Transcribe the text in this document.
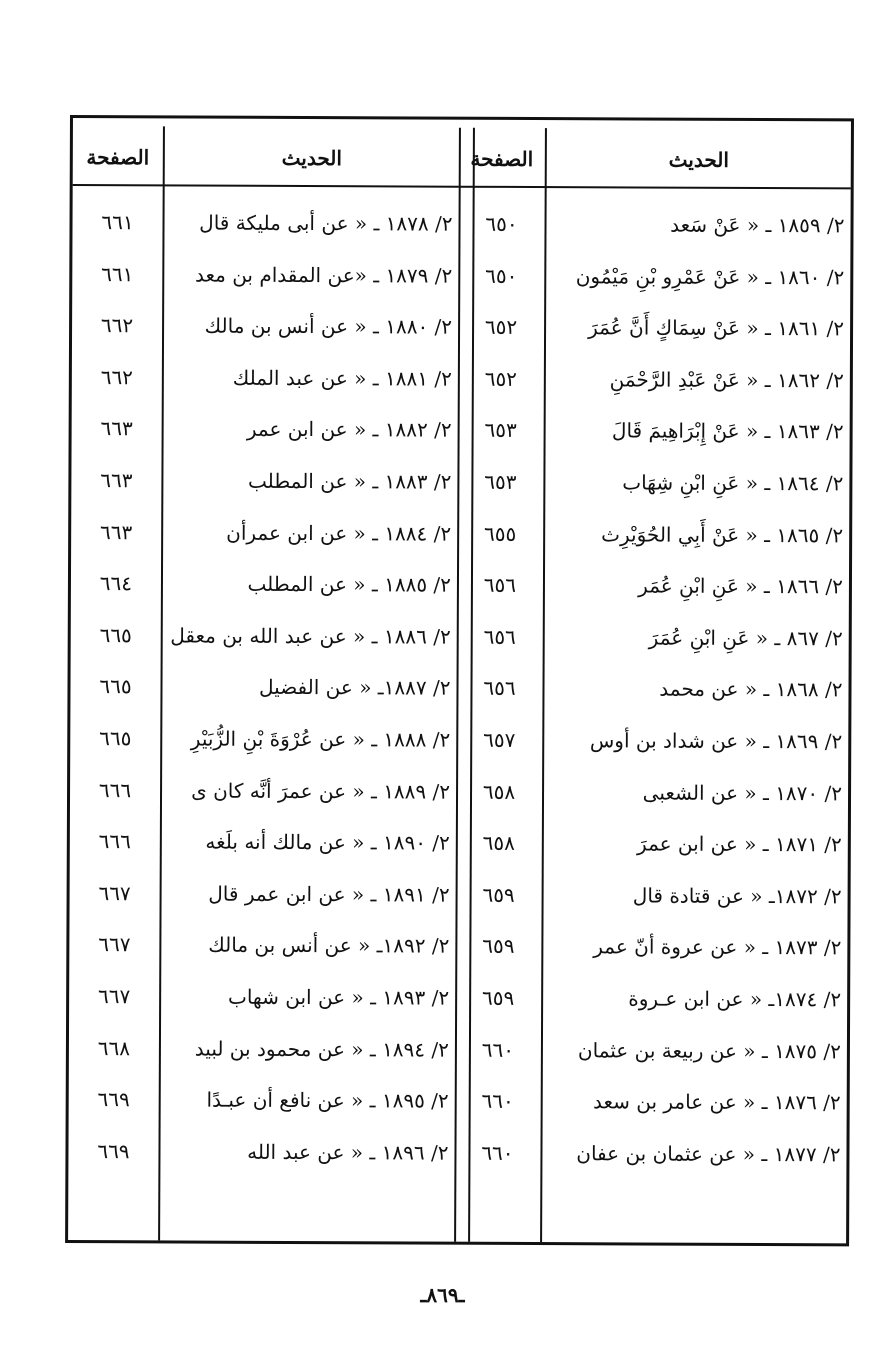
الحديث
الصفحة
الحديث
الصفحة
٢/ ١٨٥٩ ـ « عَنْ سَعد
٦٥٠
٢/ ١٨٦٠ ـ « عَنْ عَمْرِو بْنِ مَيْمُون
٦٥٠
٢/ ١٨٦١ ـ « عَنْ سِمَاكٍ أَنَّ عُمَرَ
٦٥٢
٢/ ١٨٦٢ ـ « عَنْ عَبْدِ الرَّحْمَنِ
٦٥٢
٢/ ١٨٦٣ ـ « عَنْ إِبْرَاهِيمَ قَالَ
٦٥٣
٢/ ١٨٦٤ ـ « عَنِ ابْنِ شِهَاب
٦٥٣
٢/ ١٨٦٥ ـ « عَنْ أَبِي الحُوَيْرِث
٦٥٥
٢/ ١٨٦٦ ـ « عَنِ ابْنِ عُمَر
٦٥٦
٢/ ٨٦٧ ـ « عَنِ ابْنِ عُمَرَ
٦٥٦
٢/ ١٨٦٨ ـ « عن محمد
٦٥٦
٢/ ١٨٦٩ ـ « عن شداد بن أوس
٦٥٧
٢/ ١٨٧٠ ـ « عن الشعبى
٦٥٨
٢/ ١٨٧١ ـ « عن ابن عمرَ
٦٥٨
٢/ ١٨٧٢ـ « عن قتادة قال
٦٥٩
٢/ ١٨٧٣ ـ « عن عروة أنّ عمر
٦٥٩
٢/ ١٨٧٤ـ « عن ابن عـروة
٦٥٩
٢/ ١٨٧٥ ـ « عن ربيعة بن عثمان
٦٦٠
٢/ ١٨٧٦ ـ « عن عامر بن سعد
٦٦٠
٢/ ١٨٧٧ ـ « عن عثمان بن عفان
٦٦٠
٢/ ١٨٧٨ ـ « عن أبى مليكة قال
٦٦١
٢/ ١٨٧٩ ـ «عن المقدام بن معد
٦٦١
٢/ ١٨٨٠ ـ « عن أنس بن مالك
٦٦٢
٢/ ١٨٨١ ـ « عن عبد الملك
٦٦٢
٢/ ١٨٨٢ ـ « عن ابن عمر
٦٦٣
٢/ ١٨٨٣ ـ « عن المطلب
٦٦٣
٢/ ١٨٨٤ ـ « عن ابن عمرأن
٦٦٣
٢/ ١٨٨٥ ـ « عن المطلب
٦٦٤
٢/ ١٨٨٦ ـ « عن عبد الله بن معقل
٦٦٥
٢/ ١٨٨٧ـ « عن الفضيل
٦٦٥
٢/ ١٨٨٨ ـ « عن عُرْوَةَ بْنِ الزُّبَيْرِ
٦٦٥
٢/ ١٨٨٩ ـ « عن عمرَ أنَّه كان ى
٦٦٦
٢/ ١٨٩٠ ـ « عن مالك أنه بلَغه
٦٦٦
٢/ ١٨٩١ ـ « عن ابن عمر قال
٦٦٧
٢/ ١٨٩٢ـ « عن أنس بن مالك
٦٦٧
٢/ ١٨٩٣ ـ « عن ابن شهاب
٦٦٧
٢/ ١٨٩٤ ـ « عن محمود بن لبيد
٦٦٨
٢/ ١٨٩٥ ـ « عن نافع أن عبـدًا
٦٦٩
٢/ ١٨٩٦ ـ « عن عبد الله
٦٦٩
ـ٨٦٩ـ
